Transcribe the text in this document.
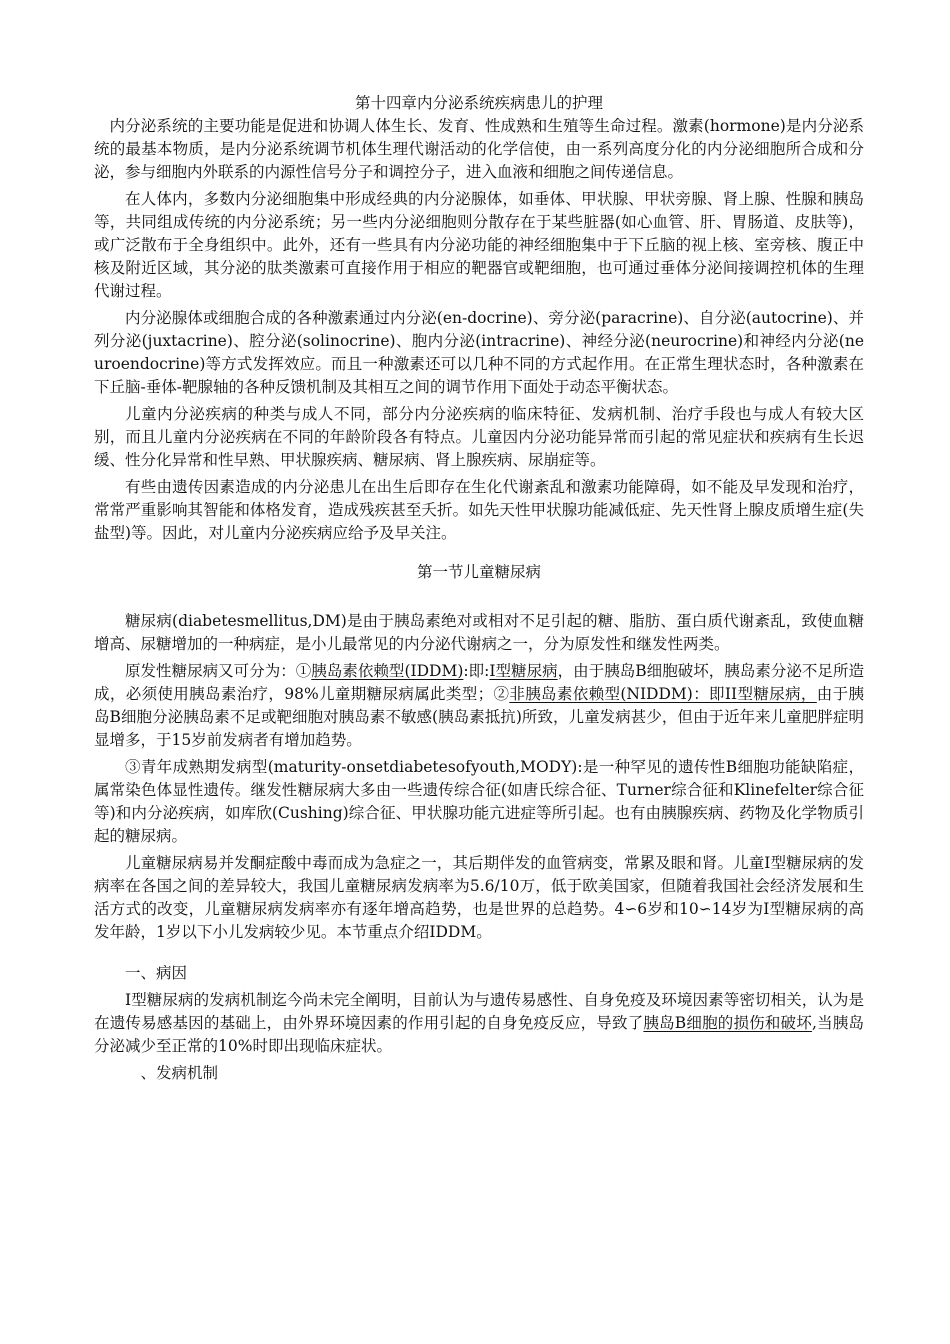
第十四章内分泌系统疾病患儿的护理

内分泌系统的主要功能是促进和协调人体生长、发育、性成熟和生殖等生命过程。激素(hormone)是内分泌系统的最基本物质，是内分泌系统调节机体生理代谢活动的化学信使，由一系列高度分化的内分泌细胞所合成和分泌，参与细胞内外联系的内源性信号分子和调控分子，进入血液和细胞之间传递信息。

在人体内，多数内分泌细胞集中形成经典的内分泌腺体，如垂体、甲状腺、甲状旁腺、肾上腺、性腺和胰岛等，共同组成传统的内分泌系统；另一些内分泌细胞则分散存在于某些脏器(如心血管、肝、胃肠道、皮肤等)，或广泛散布于全身组织中。此外，还有一些具有内分泌功能的神经细胞集中于下丘脑的视上核、室旁核、腹正中核及附近区域，其分泌的肽类激素可直接作用于相应的靶器官或靶细胞，也可通过垂体分泌间接调控机体的生理代谢过程。

内分泌腺体或细胞合成的各种激素通过内分泌(en-docrine)、旁分泌(paracrine)、自分泌(autocrine)、并列分泌(juxtacrine)、腔分泌(solinocrine)、胞内分泌(intracrine)、神经分泌(neurocrine)和神经内分泌(neuroendocrine)等方式发挥效应。而且一种激素还可以几种不同的方式起作用。在正常生理状态时，各种激素在下丘脑-垂体-靶腺轴的各种反馈机制及其相互之间的调节作用下面处于动态平衡状态。

儿童内分泌疾病的种类与成人不同，部分内分泌疾病的临床特征、发病机制、治疗手段也与成人有较大区别，而且儿童内分泌疾病在不同的年龄阶段各有特点。儿童因内分泌功能异常而引起的常见症状和疾病有生长迟缓、性分化异常和性早熟、甲状腺疾病、糖尿病、肾上腺疾病、尿崩症等。

有些由遗传因素造成的内分泌患儿在出生后即存在生化代谢紊乱和激素功能障碍，如不能及早发现和治疗，常常严重影响其智能和体格发育，造成残疾甚至夭折。如先天性甲状腺功能减低症、先天性肾上腺皮质增生症(失盐型)等。因此，对儿童内分泌疾病应给予及早关注。

第一节儿童糖尿病

糖尿病(diabetesmellitus,DM)是由于胰岛素绝对或相对不足引起的糖、脂肪、蛋白质代谢紊乱，致使血糖增高、尿糖增加的一种病症，是小儿最常见的内分泌代谢病之一，分为原发性和继发性两类。

原发性糖尿病又可分为：①胰岛素依赖型(IDDM):即:I型糖尿病，由于胰岛B细胞破坏，胰岛素分泌不足所造成，必须使用胰岛素治疗，98%儿童期糖尿病属此类型；②非胰岛素依赖型(NIDDM)：即II型糖尿病，由于胰岛B细胞分泌胰岛素不足或靶细胞对胰岛素不敏感(胰岛素抵抗)所致，儿童发病甚少，但由于近年来儿童肥胖症明显增多，于15岁前发病者有增加趋势。

③青年成熟期发病型(maturity-onsetdiabetesofyouth,MODY):是一种罕见的遗传性B细胞功能缺陷症，属常染色体显性遗传。继发性糖尿病大多由一些遗传综合征(如唐氏综合征、Turner综合征和Klinefelter综合征等)和内分泌疾病，如库欣(Cushing)综合征、甲状腺功能亢进症等所引起。也有由胰腺疾病、药物及化学物质引起的糖尿病。

儿童糖尿病易并发酮症酸中毒而成为急症之一，其后期伴发的血管病变，常累及眼和肾。儿童I型糖尿病的发病率在各国之间的差异较大，我国儿童糖尿病发病率为5.6/10万，低于欧美国家，但随着我国社会经济发展和生活方式的改变，儿童糖尿病发病率亦有逐年增高趋势，也是世界的总趋势。4∽6岁和10∽14岁为I型糖尿病的高发年龄，1岁以下小儿发病较少见。本节重点介绍IDDM。

一、病因

I型糖尿病的发病机制迄今尚未完全阐明，目前认为与遗传易感性、自身免疫及环境因素等密切相关，认为是在遗传易感基因的基础上，由外界环境因素的作用引起的自身免疫反应，导致了胰岛B细胞的损伤和破坏,当胰岛分泌减少至正常的10%时即出现临床症状。

、发病机制
